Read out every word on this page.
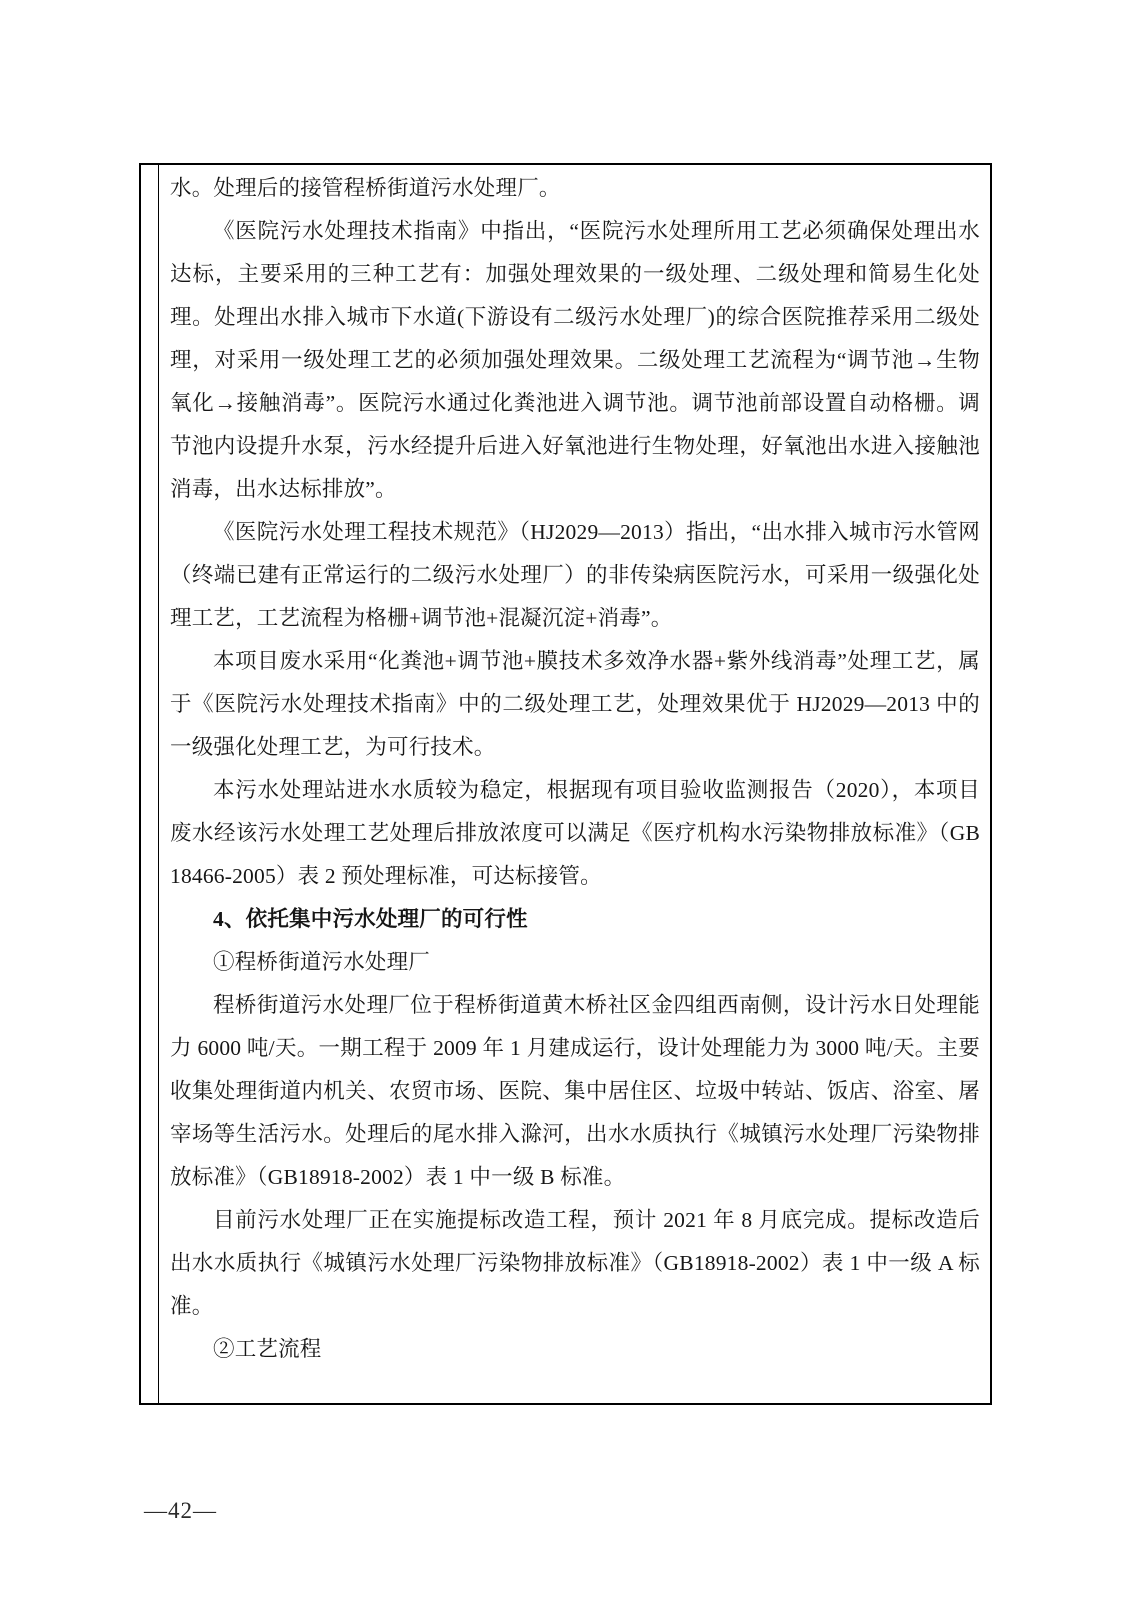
水。处理后的接管程桥街道污水处理厂。

《医院污水处理技术指南》中指出，“医院污水处理所用工艺必须确保处理出水达标，主要采用的三种工艺有：加强处理效果的一级处理、二级处理和简易生化处理。处理出水排入城市下水道(下游设有二级污水处理厂)的综合医院推荐采用二级处理，对采用一级处理工艺的必须加强处理效果。二级处理工艺流程为“调节池→生物氧化→接触消毒”。医院污水通过化粪池进入调节池。调节池前部设置自动格栅。调节池内设提升水泵，污水经提升后进入好氧池进行生物处理，好氧池出水进入接触池消毒，出水达标排放”。

《医院污水处理工程技术规范》（HJ2029—2013）指出，“出水排入城市污水管网（终端已建有正常运行的二级污水处理厂）的非传染病医院污水，可采用一级强化处理工艺，工艺流程为格栅+调节池+混凝沉淀+消毒”。

本项目废水采用“化粪池+调节池+膜技术多效净水器+紫外线消毒”处理工艺，属于《医院污水处理技术指南》中的二级处理工艺，处理效果优于 HJ2029—2013 中的一级强化处理工艺，为可行技术。

本污水处理站进水水质较为稳定，根据现有项目验收监测报告（2020），本项目废水经该污水处理工艺处理后排放浓度可以满足《医疗机构水污染物排放标准》（GB18466-2005）表 2 预处理标准，可达标接管。

4、依托集中污水处理厂的可行性

①程桥街道污水处理厂

程桥街道污水处理厂位于程桥街道黄木桥社区金四组西南侧，设计污水日处理能力 6000 吨/天。一期工程于 2009 年 1 月建成运行，设计处理能力为 3000 吨/天。主要收集处理街道内机关、农贸市场、医院、集中居住区、垃圾中转站、饭店、浴室、屠宰场等生活污水。处理后的尾水排入滁河，出水水质执行《城镇污水处理厂污染物排放标准》（GB18918-2002）表 1 中一级 B 标准。

目前污水处理厂正在实施提标改造工程，预计 2021 年 8 月底完成。提标改造后出水水质执行《城镇污水处理厂污染物排放标准》（GB18918-2002）表 1 中一级 A 标准。

②工艺流程

—42—
